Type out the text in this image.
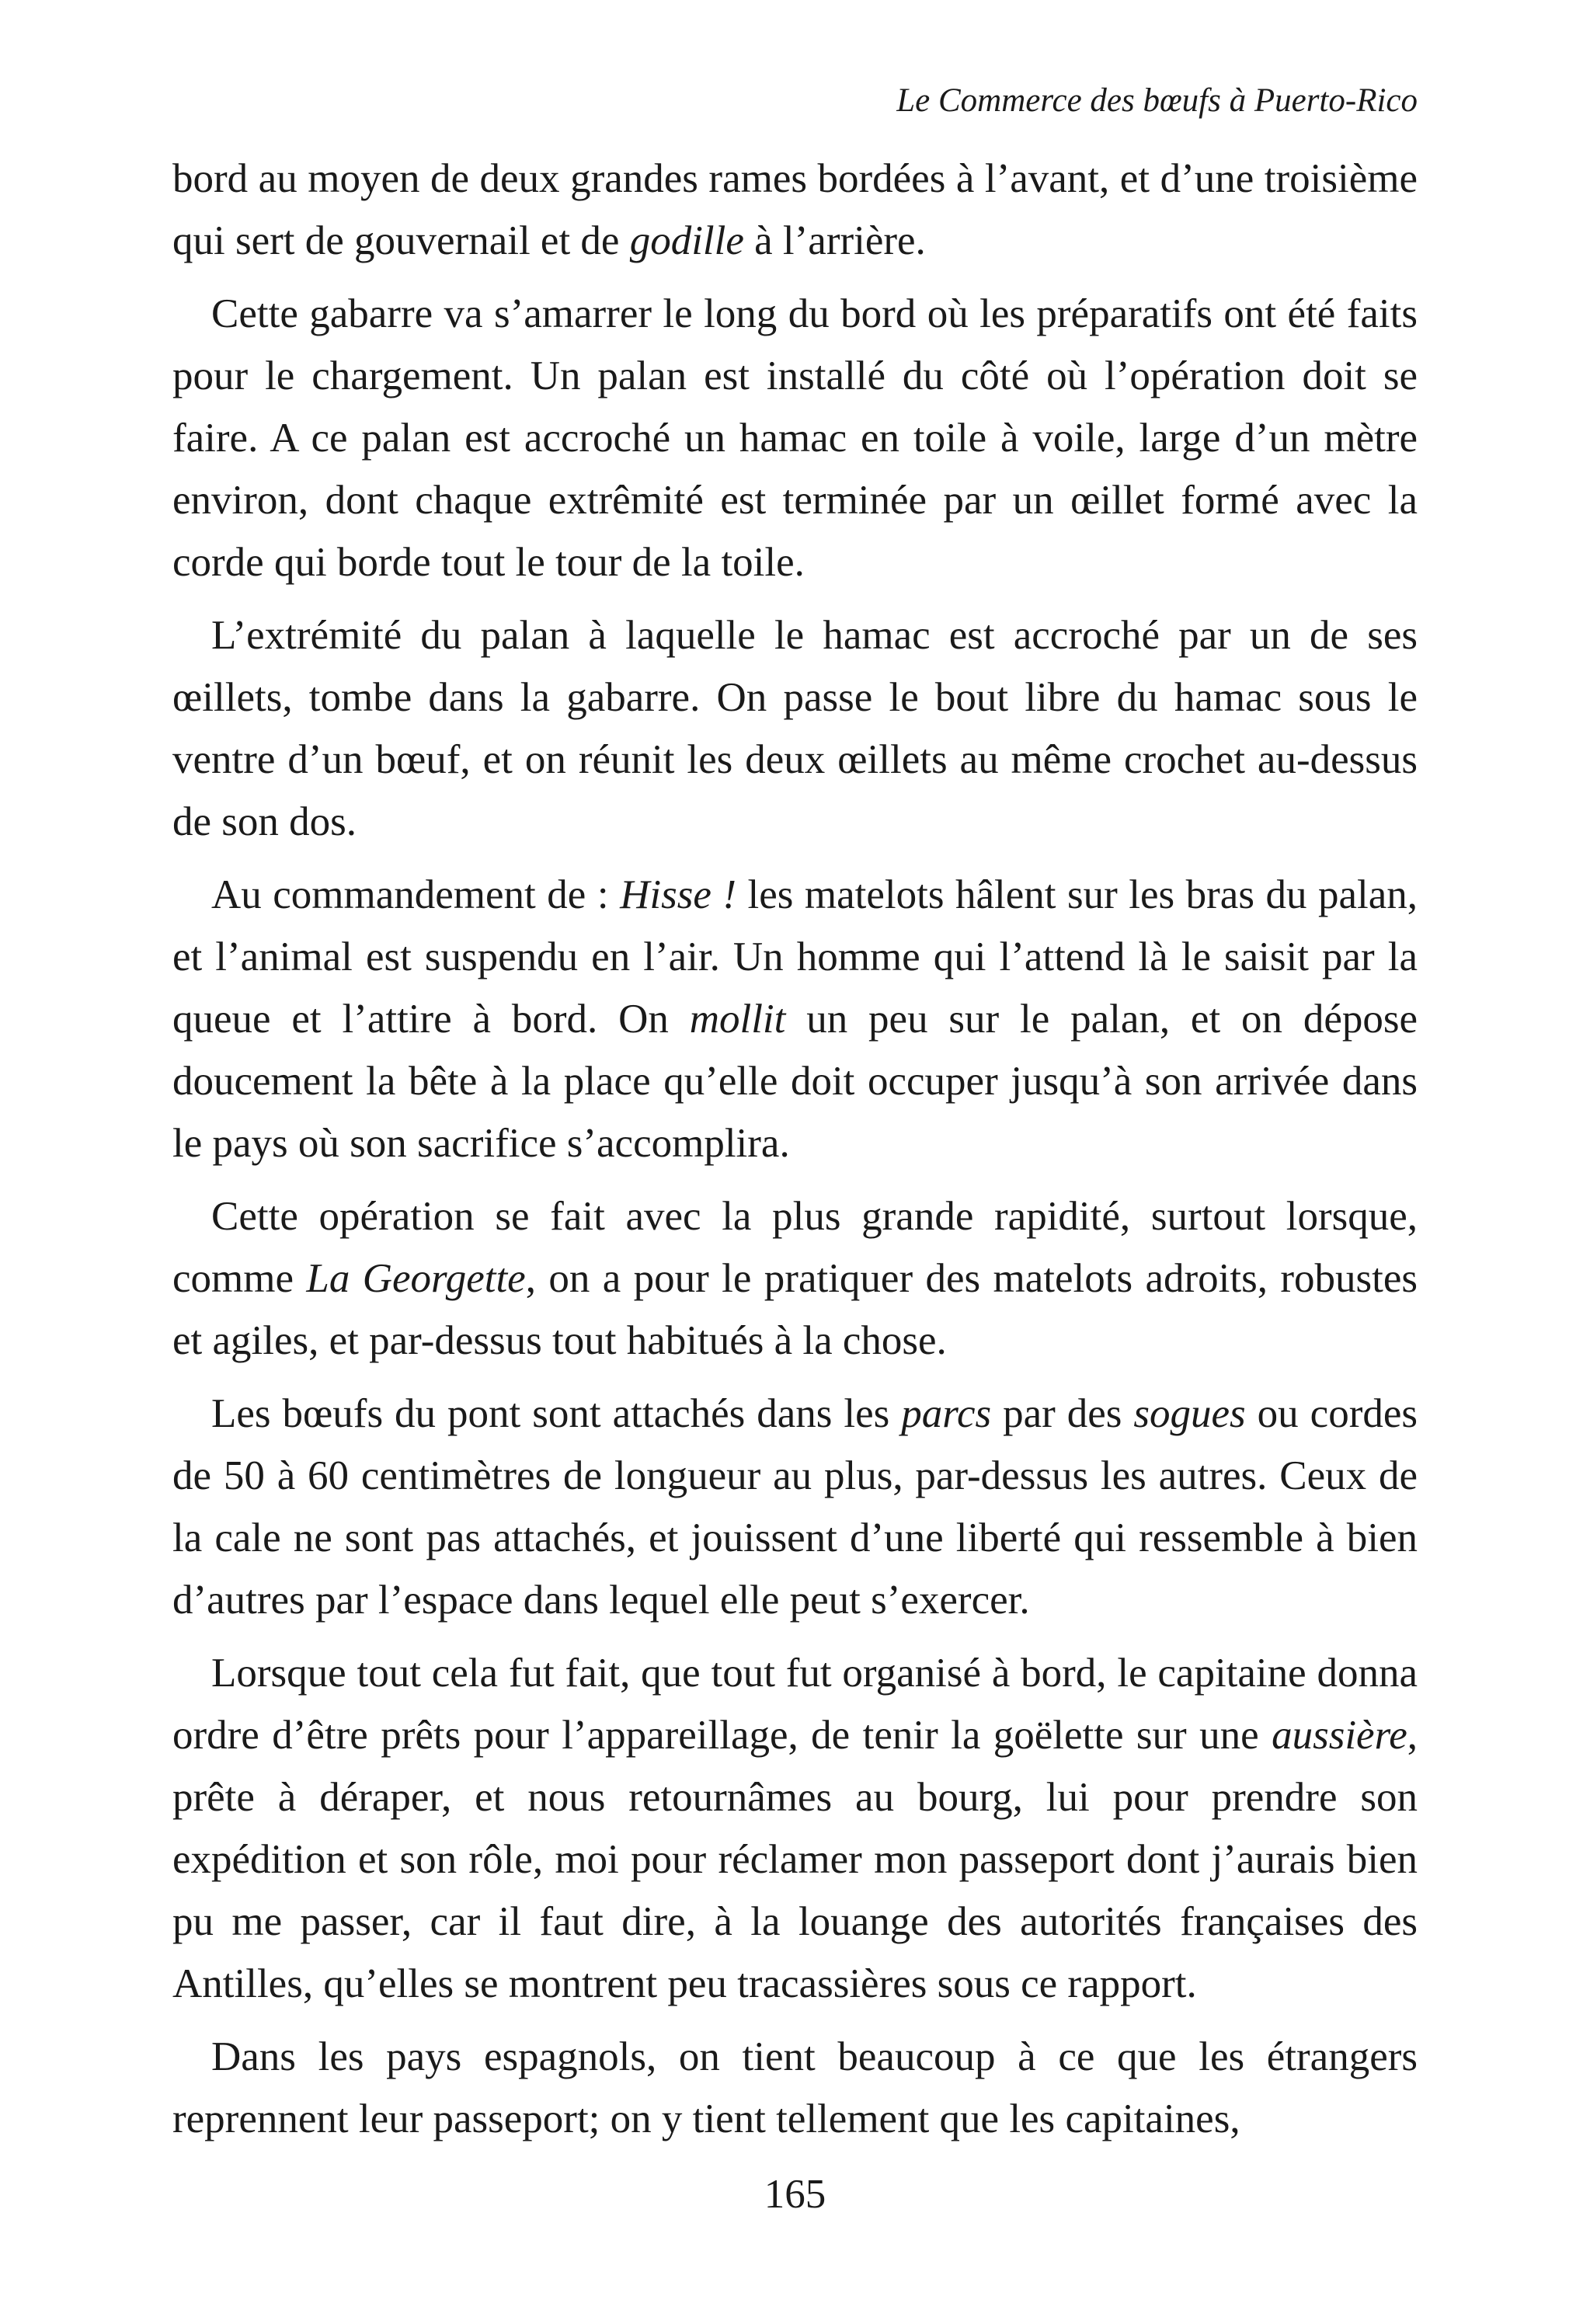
Le Commerce des bœufs à Puerto-Rico

bord au moyen de deux grandes rames bordées à l’avant, et d’une troisième qui sert de gouvernail et de godille à l’arrière.

Cette gabarre va s’amarrer le long du bord où les préparatifs ont été faits pour le chargement. Un palan est installé du côté où l’opération doit se faire. A ce palan est accroché un hamac en toile à voile, large d’un mètre environ, dont chaque extrêmité est terminée par un œillet formé avec la corde qui borde tout le tour de la toile.

L’extrémité du palan à laquelle le hamac est accroché par un de ses œillets, tombe dans la gabarre. On passe le bout libre du hamac sous le ventre d’un bœuf, et on réunit les deux œillets au même crochet au-dessus de son dos.

Au commandement de : Hisse ! les matelots hâlent sur les bras du palan, et l’animal est suspendu en l’air. Un homme qui l’attend là le saisit par la queue et l’attire à bord. On mollit un peu sur le palan, et on dépose doucement la bête à la place qu’elle doit occuper jusqu’à son arrivée dans le pays où son sacrifice s’accomplira.

Cette opération se fait avec la plus grande rapidité, surtout lorsque, comme La Georgette, on a pour le pratiquer des matelots adroits, robustes et agiles, et par-dessus tout habitués à la chose.

Les bœufs du pont sont attachés dans les parcs par des sogues ou cordes de 50 à 60 centimètres de longueur au plus, par-dessus les autres. Ceux de la cale ne sont pas attachés, et jouissent d’une liberté qui ressemble à bien d’autres par l’espace dans lequel elle peut s’exercer.

Lorsque tout cela fut fait, que tout fut organisé à bord, le capitaine donna ordre d’être prêts pour l’appareillage, de tenir la goëlette sur une aussière, prête à déraper, et nous retournâmes au bourg, lui pour prendre son expédition et son rôle, moi pour réclamer mon passeport dont j’aurais bien pu me passer, car il faut dire, à la louange des autorités françaises des Antilles, qu’elles se montrent peu tracassières sous ce rapport.

Dans les pays espagnols, on tient beaucoup à ce que les étrangers reprennent leur passeport; on y tient tellement que les capitaines,

165
